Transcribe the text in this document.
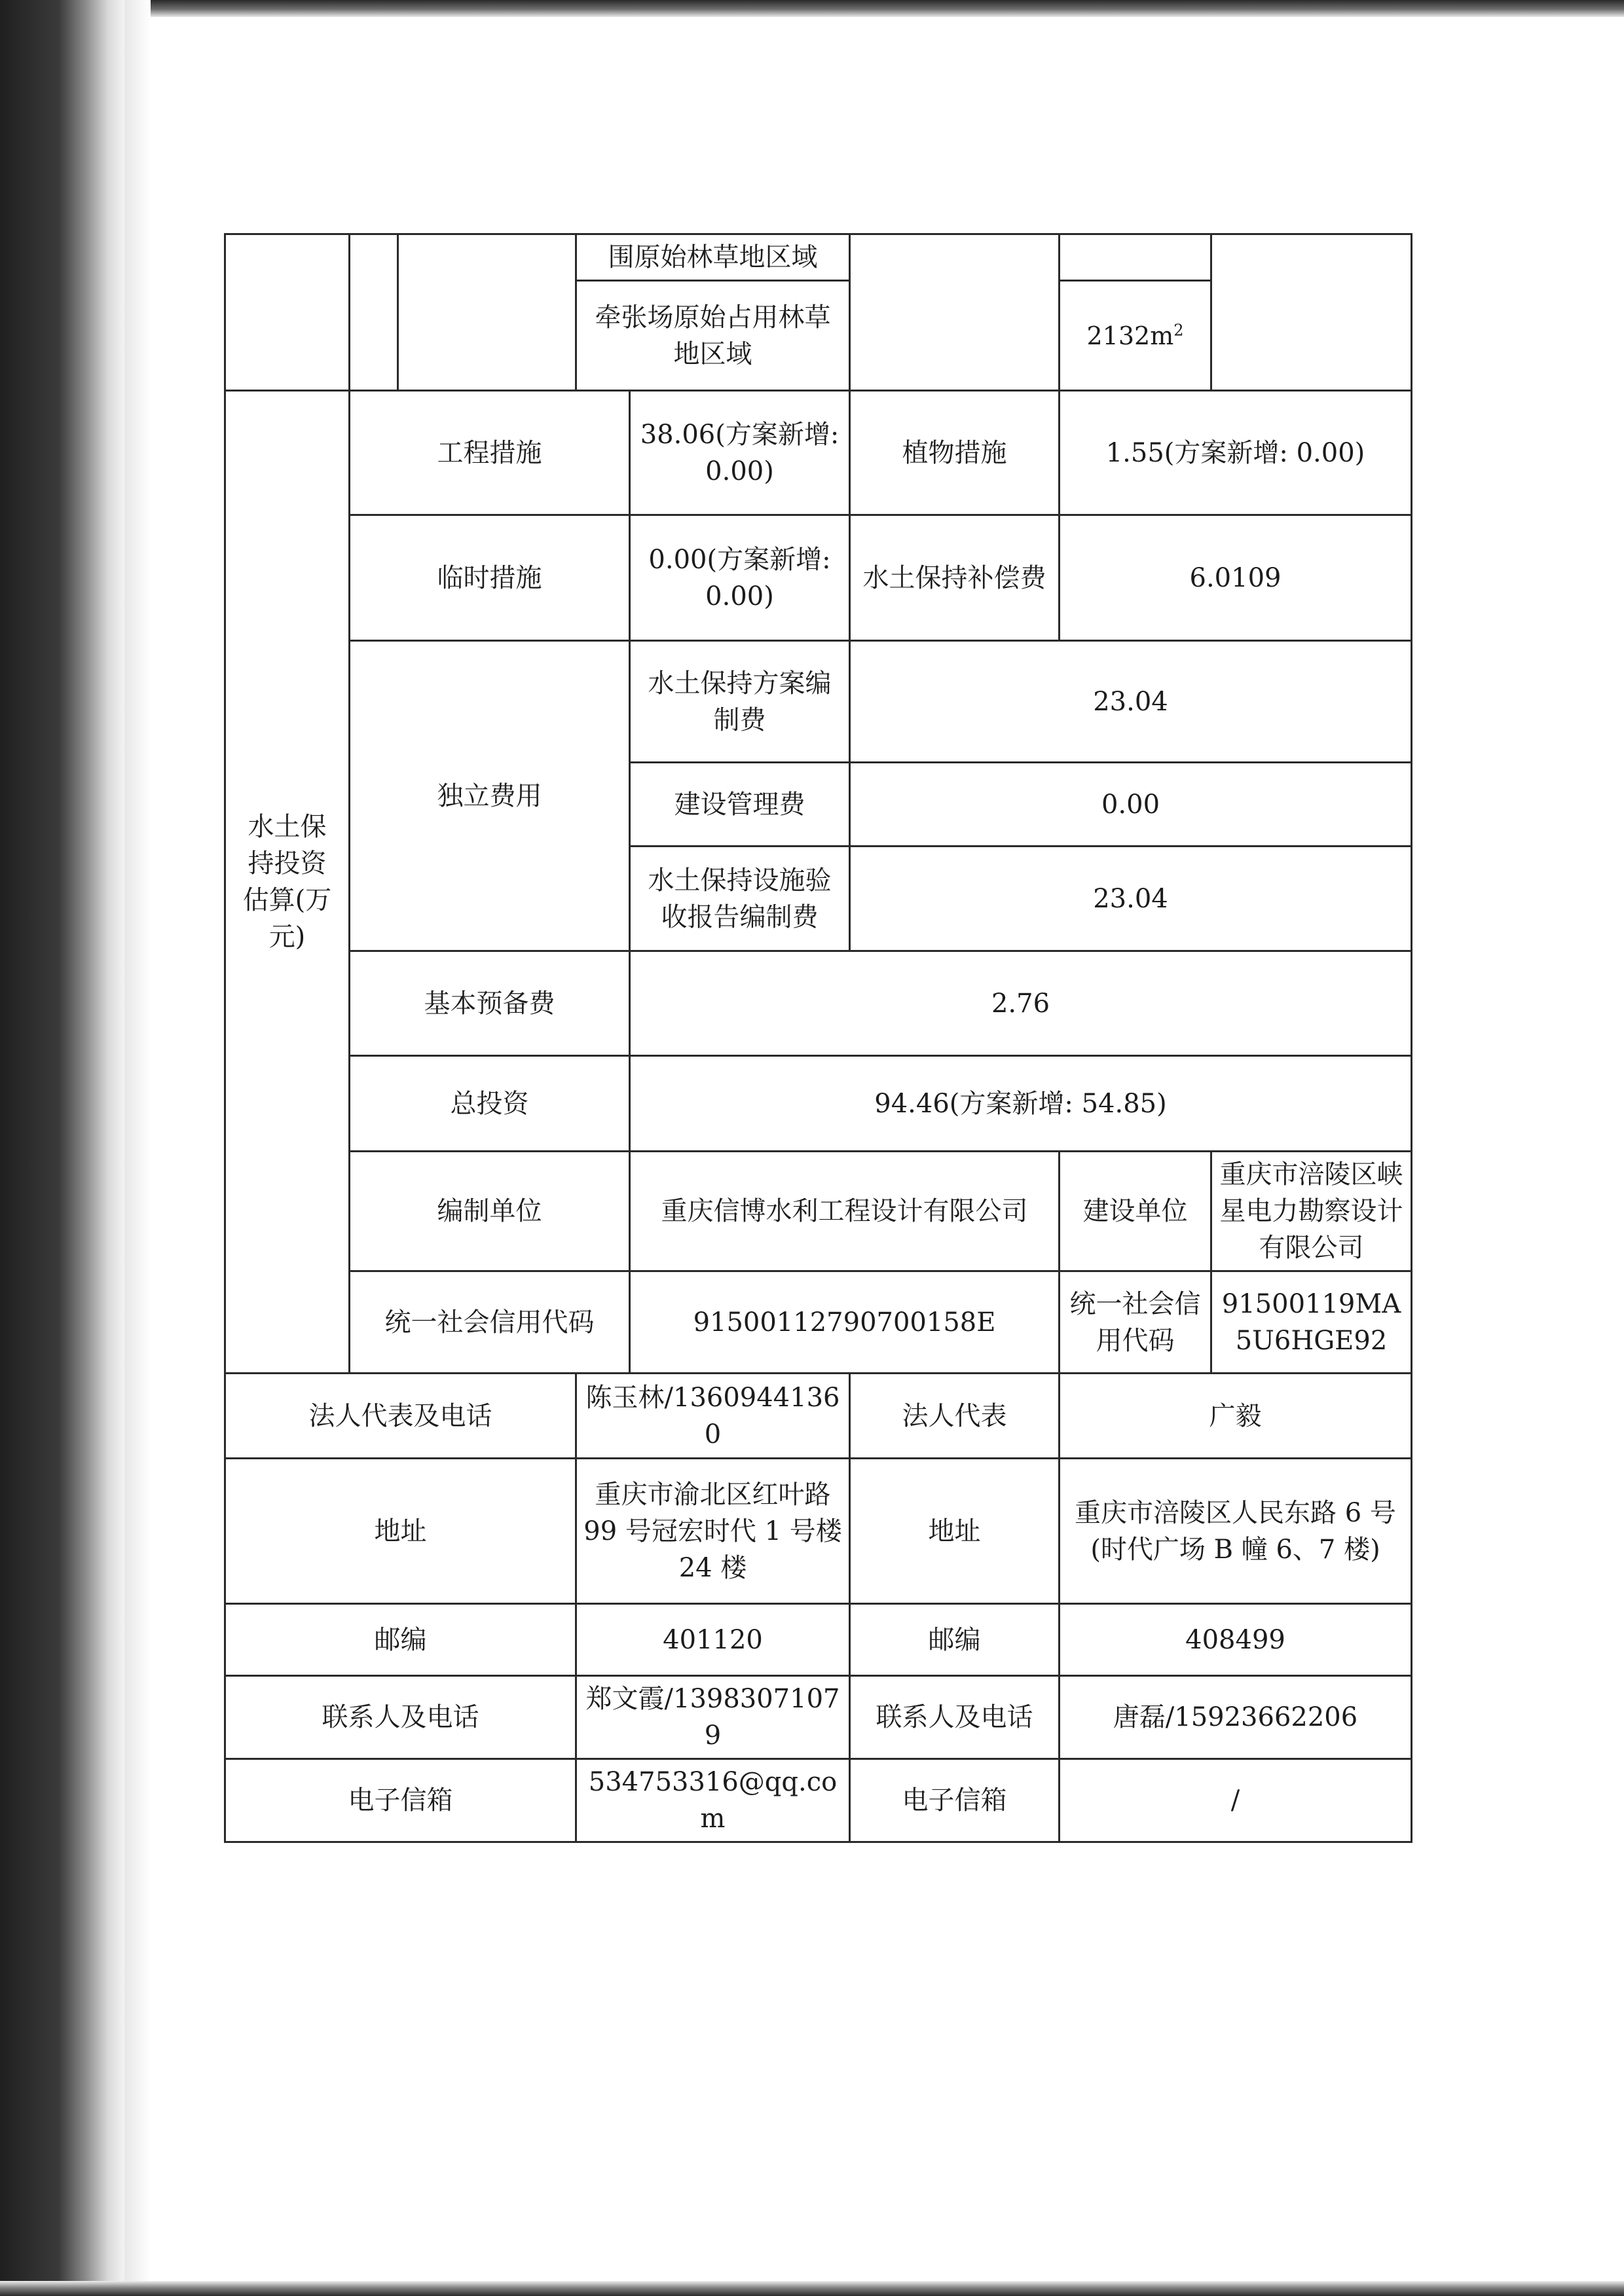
			围原始林草地区域				
			牵张场原始占用林草地区域			$2132m^2$
水土保持投资估算(万元)	工程措施			38.06(方案新增:0.00)	植物措施	1.55(方案新增: 0.00)	
	临时措施			0.00(方案新增: 0.00)	水土保持补偿费	6.0109	
	独立费用			水土保持方案编制费	23.04		
				建设管理费	0.00		
				水土保持设施验收报告编制费	23.04		
	基本预备费			2.76			
	总投资			94.46(方案新增: 54.85)			
	编制单位			重庆信博水利工程设计有限公司		建设单位	重庆市涪陵区峡星电力勘察设计有限公司
	统一社会信用代码			91500112790700158E		统一社会信用代码	91500119MA5U6HGE92
法人代表及电话			陈玉林/13609441360		法人代表	广毅	
地址			重庆市渝北区红叶路 99 号冠宏时代 1 号楼 24 楼		地址	重庆市涪陵区人民东路 6 号(时代广场 B 幢 6、7 楼)	
邮编			401120		邮编	408499	
联系人及电话			郑文霞/13983071079		联系人及电话	唐磊/15923662206	
电子信箱			534753316@qq.com		电子信箱	/	
